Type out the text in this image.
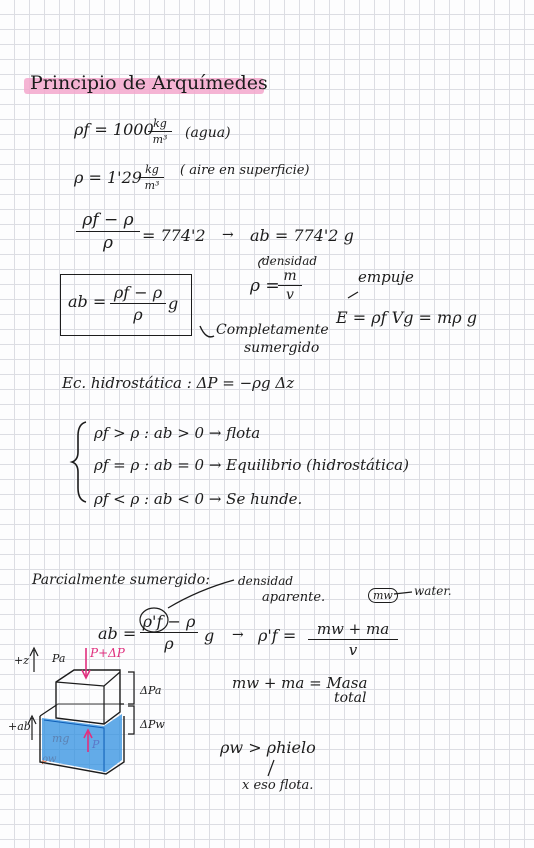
Principio de Arquímedes
ρf = 1000 kg
m³	(agua)
ρ = 1'29 kg
m³
( aire en superficie)
ρf − ρ
ρ	= 774'2 → ab = 774'2 g
densidad
ρ = m
v
empuje
E = ρf Vg = mρ g
ab = ρf − ρ
ρ
g
Completamente
sumergido
Ec. hidrostática : ΔP = −ρg Δz
ρf > ρ : ab > 0 → flota
ρf = ρ : ab = 0 → Equilibrio (hidrostática)
ρf < ρ : ab < 0 → Se hunde.
Parcialmente sumergido: densidad
aparente.	mw	water.
ab =
ρ'f − ρ
ρ	g → ρ'f =	mw + ma
v
mw + ma = Masa
total
ρw > ρhielo
x eso flota.
+z
+ab
Pa P+ΔP
ΔPa
ΔPw
